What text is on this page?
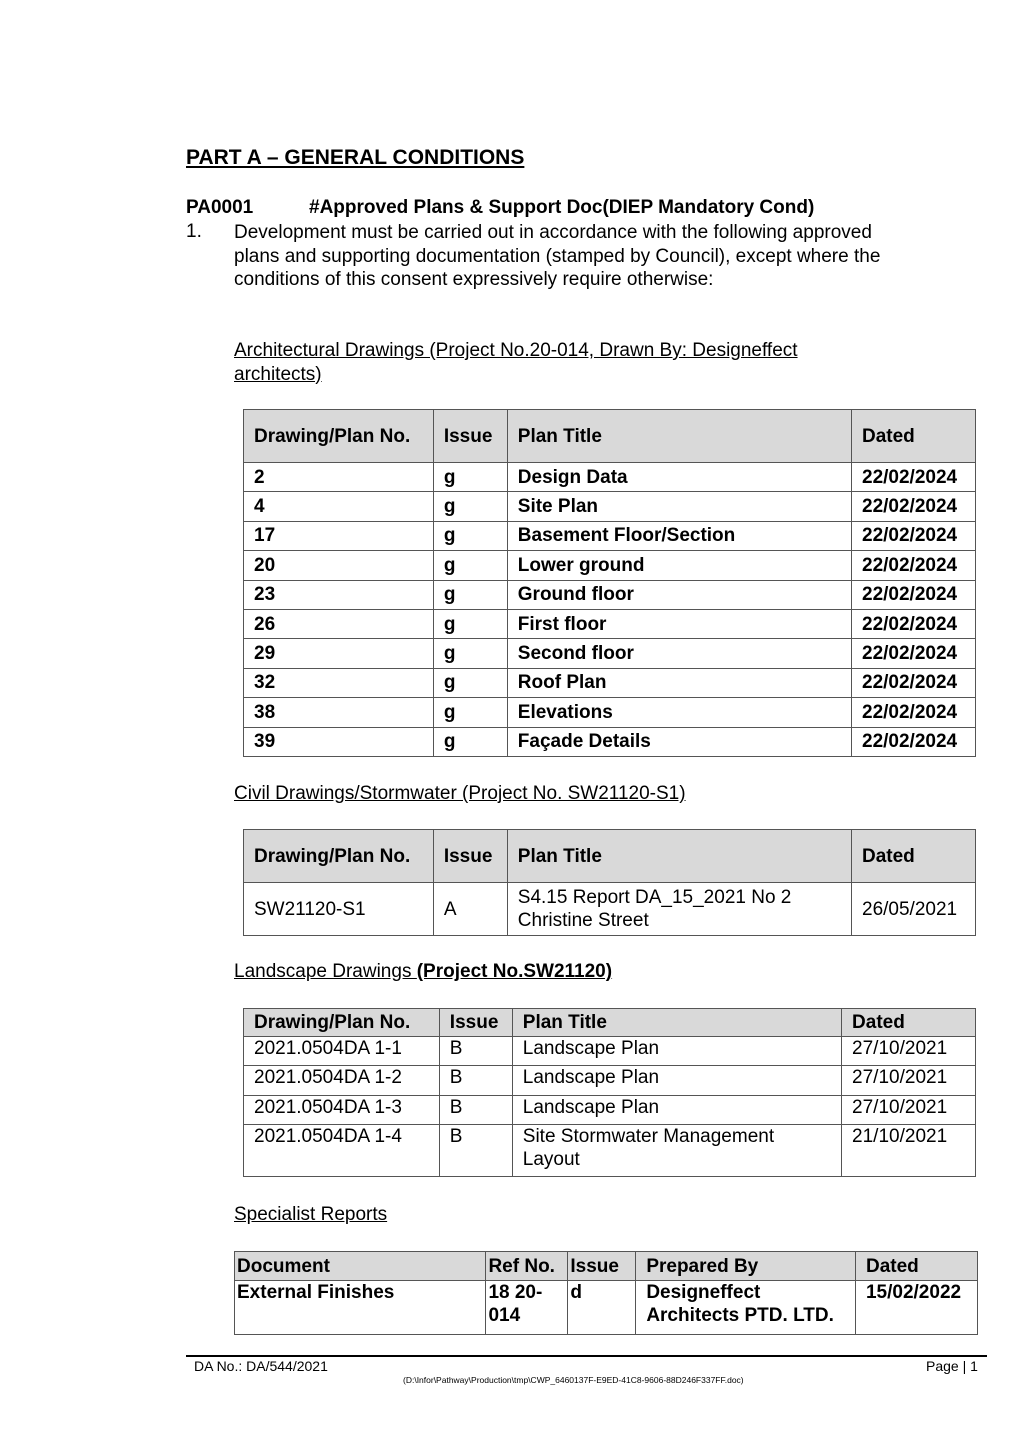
PART A – GENERAL CONDITIONS
PA0001	#Approved Plans & Support Doc(DIEP Mandatory Cond)
1. Development must be carried out in accordance with the following approved plans and supporting documentation (stamped by Council), except where the conditions of this consent expressively require otherwise:
Architectural Drawings (Project No.20-014, Drawn By: Designeffect architects)
Drawing/Plan No.	Issue	Plan Title	Dated
2	g	Design Data	22/02/2024
4	g	Site Plan	22/02/2024
17	g	Basement Floor/Section	22/02/2024
20	g	Lower ground	22/02/2024
23	g	Ground floor	22/02/2024
26	g	First floor	22/02/2024
29	g	Second floor	22/02/2024
32	g	Roof Plan	22/02/2024
38	g	Elevations	22/02/2024
39	g	Façade Details	22/02/2024
Civil Drawings/Stormwater (Project No. SW21120-S1)
Drawing/Plan No.	Issue	Plan Title	Dated
SW21120-S1	A	S4.15 Report DA_15_2021 No 2 Christine Street	26/05/2021
Landscape Drawings (Project No.SW21120)
Drawing/Plan No.	Issue	Plan Title	Dated
2021.0504DA 1-1	B	Landscape Plan	27/10/2021
2021.0504DA 1-2	B	Landscape Plan	27/10/2021
2021.0504DA 1-3	B	Landscape Plan	27/10/2021
2021.0504DA 1-4	B	Site Stormwater Management Layout	21/10/2021
Specialist Reports
Document	Ref No.	Issue	Prepared By	Dated
External Finishes	18 20-014	d	Designeffect Architects PTD. LTD.	15/02/2022
DA No.: DA/544/2021	Page | 1
(D:\Infor\Pathway\Production\tmp\CWP_6460137F-E9ED-41C8-9606-88D246F337FF.doc)
